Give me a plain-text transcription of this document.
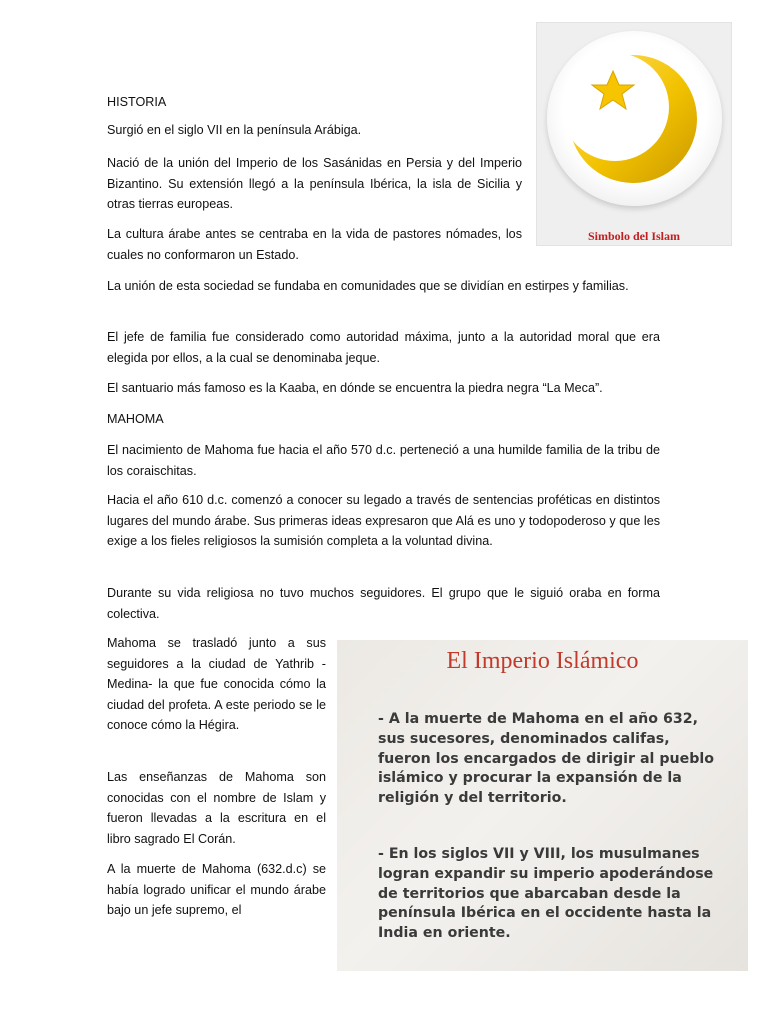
HISTORIA

Surgió en el siglo VII en la península Arábiga.

Nació de la unión del Imperio de los Sasánidas en Persia y del Imperio Bizantino. Su extensión llegó a la península Ibérica, la isla de Sicilia y otras tierras europeas.

La cultura árabe antes se centraba en la vida de pastores nómades, los cuales no conformaron un Estado.

La unión de esta sociedad se fundaba en comunidades que se dividían en estirpes y familias.

El jefe de familia fue considerado como autoridad máxima, junto a la autoridad moral que era elegida por ellos, a la cual se denominaba jeque.

El santuario más famoso es la Kaaba, en dónde se encuentra la piedra negra “La Meca”.

MAHOMA

El nacimiento de Mahoma fue hacia el año 570 d.c. perteneció a una humilde familia de la tribu de los coraischitas.

Hacia el año 610 d.c. comenzó a conocer su legado a través de sentencias proféticas en distintos lugares del mundo árabe. Sus primeras ideas expresaron que Alá es uno y todopoderoso y que les exige a los fieles religiosos la sumisión completa a la voluntad divina.

Durante su vida religiosa no tuvo muchos seguidores. El grupo que le siguió oraba en forma colectiva.

Mahoma se trasladó junto a sus seguidores a la ciudad de Yathrib - Medina- la que fue conocida cómo la ciudad del profeta. A este periodo se le conoce cómo la Hégira.

Las enseñanzas de Mahoma son conocidas con el nombre de Islam y fueron llevadas a la escritura en el libro sagrado El Corán.

A la muerte de Mahoma (632.d.c) se había logrado unificar el mundo árabe bajo un jefe supremo, el

Simbolo del Islam
El Imperio Islámico
- A la muerte de Mahoma en el año 632, sus sucesores, denominados califas, fueron los encargados de dirigir al pueblo islámico y procurar la expansión de la religión y del territorio.
- En los siglos VII y VIII, los musulmanes logran expandir su imperio apoderándose de territorios que abarcaban desde la península Ibérica en el occidente hasta la India en oriente.
